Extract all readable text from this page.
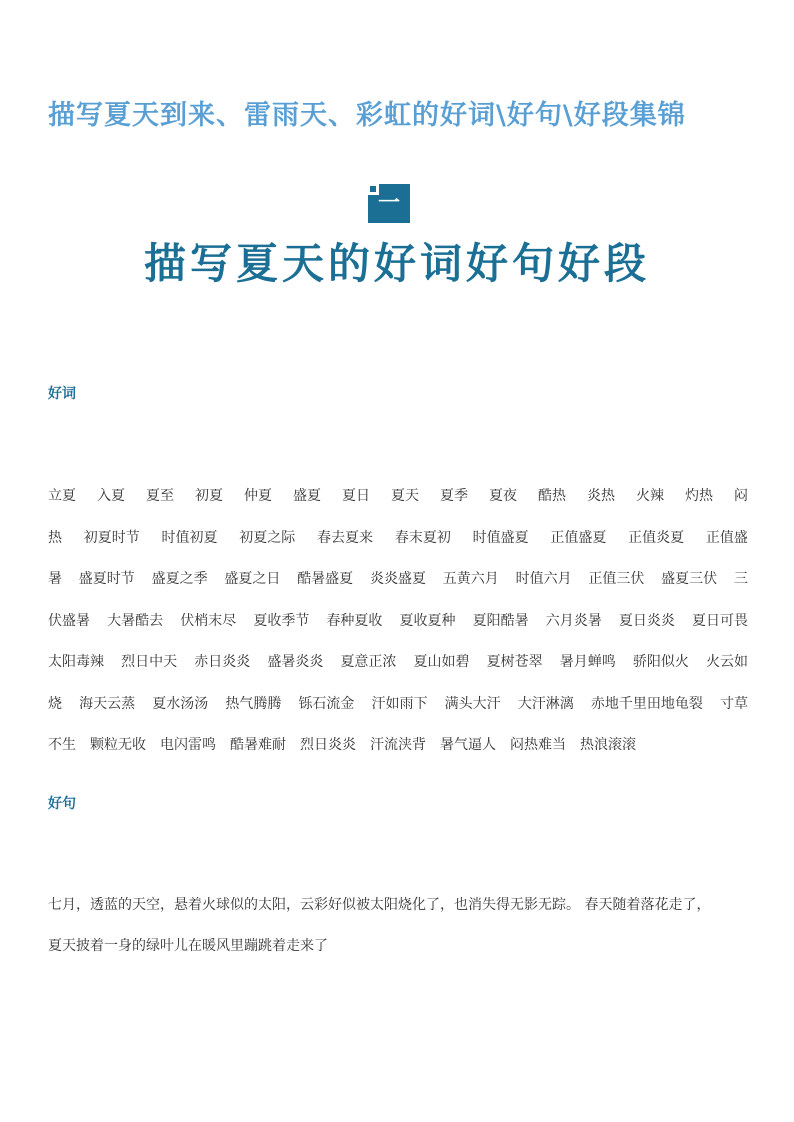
描写夏天到来、雷雨天、彩虹的好词\好句\好段集锦
一
描写夏天的好词好句好段
好词
立夏 入夏 夏至 初夏 仲夏 盛夏 夏日 夏天 夏季 夏夜 酷热 炎热 火辣 灼热 闷
热 初夏时节 时值初夏 初夏之际 春去夏来 春末夏初 时值盛夏 正值盛夏 正值炎夏 正值盛
暑 盛夏时节 盛夏之季 盛夏之日 酷暑盛夏 炎炎盛夏 五黄六月 时值六月 正值三伏 盛夏三伏 三
伏盛暑 大暑酷去 伏梢末尽 夏收季节 春种夏收 夏收夏种 夏阳酷暑 六月炎暑 夏日炎炎 夏日可畏
太阳毒辣 烈日中天 赤日炎炎 盛暑炎炎 夏意正浓 夏山如碧 夏树苍翠 暑月蝉鸣 骄阳似火 火云如
烧 海天云蒸 夏水汤汤 热气腾腾 铄石流金 汗如雨下 满头大汗 大汗淋漓 赤地千里田地龟裂 寸草
不生 颗粒无收 电闪雷鸣 酷暑难耐 烈日炎炎 汗流浃背 暑气逼人 闷热难当 热浪滚滚
好句
七月，透蓝的天空，悬着火球似的太阳，云彩好似被太阳烧化了，也消失得无影无踪。 春天随着落花走了，
夏天披着一身的绿叶儿在暖风里蹦跳着走来了
